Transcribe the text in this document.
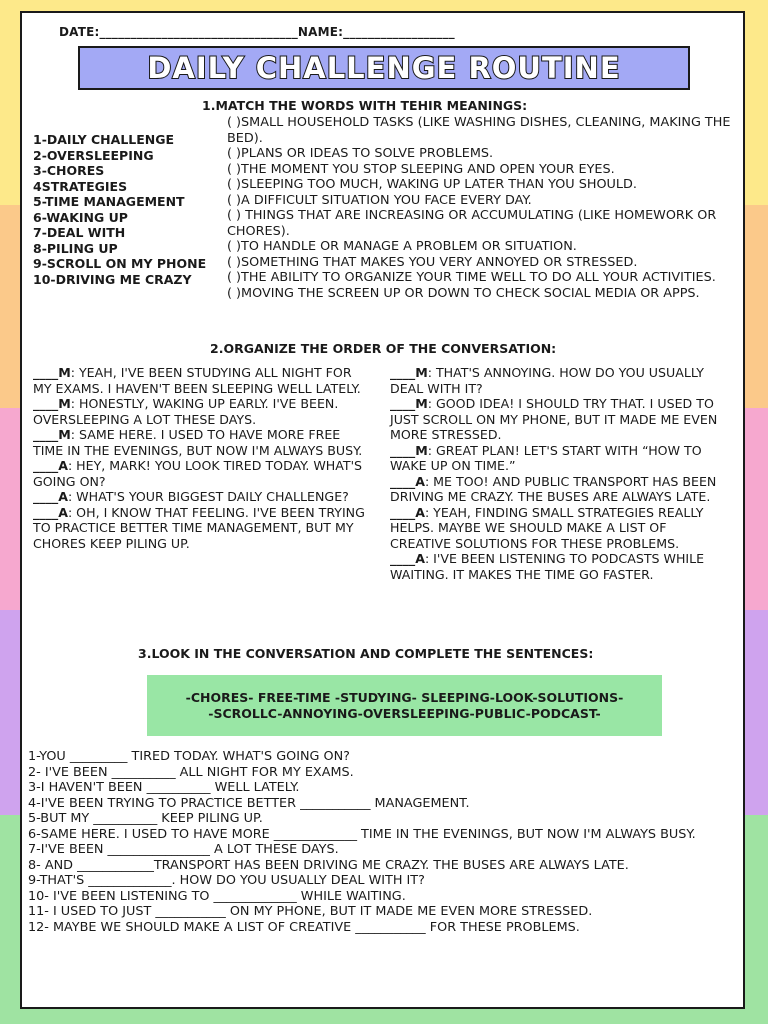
DATE:________________________________NAME:__________________
DAILY CHALLENGE ROUTINE
1.MATCH THE WORDS WITH TEHIR MEANINGS:
1-DAILY CHALLENGE
2-OVERSLEEPING
3-CHORES
4STRATEGIES
5-TIME MANAGEMENT
6-WAKING UP
7-DEAL WITH
8-PILING UP
9-SCROLL ON MY PHONE
10-DRIVING ME CRAZY
( )SMALL HOUSEHOLD TASKS (LIKE WASHING DISHES, CLEANING, MAKING THE BED).
( )PLANS OR IDEAS TO SOLVE PROBLEMS.
( )THE MOMENT YOU STOP SLEEPING AND OPEN YOUR EYES.
( )SLEEPING TOO MUCH, WAKING UP LATER THAN YOU SHOULD.
( )A DIFFICULT SITUATION YOU FACE EVERY DAY.
( ) THINGS THAT ARE INCREASING OR ACCUMULATING (LIKE HOMEWORK OR CHORES).
( )TO HANDLE OR MANAGE A PROBLEM OR SITUATION.
( )SOMETHING THAT MAKES YOU VERY ANNOYED OR STRESSED.
( )THE ABILITY TO ORGANIZE YOUR TIME WELL TO DO ALL YOUR ACTIVITIES.
( )MOVING THE SCREEN UP OR DOWN TO CHECK SOCIAL MEDIA OR APPS.
2.ORGANIZE THE ORDER OF THE CONVERSATION:

____M: YEAH, I'VE BEEN STUDYING ALL NIGHT FOR MY EXAMS. I HAVEN'T BEEN SLEEPING WELL LATELY.

____M: HONESTLY, WAKING UP EARLY. I'VE BEEN.

OVERSLEEPING A LOT THESE DAYS.

____M: SAME HERE. I USED TO HAVE MORE FREE TIME IN THE EVENINGS, BUT NOW I'M ALWAYS BUSY.

____A: HEY, MARK! YOU LOOK TIRED TODAY. WHAT'S GOING ON?

____A: WHAT'S YOUR BIGGEST DAILY CHALLENGE?

____A: OH, I KNOW THAT FEELING. I'VE BEEN TRYING TO PRACTICE BETTER TIME MANAGEMENT, BUT MY CHORES KEEP PILING UP.

____M: THAT'S ANNOYING. HOW DO YOU USUALLY DEAL WITH IT?

____M: GOOD IDEA! I SHOULD TRY THAT. I USED TO JUST SCROLL ON MY PHONE, BUT IT MADE ME EVEN MORE STRESSED.

____M: GREAT PLAN! LET'S START WITH “HOW TO WAKE UP ON TIME.”

____A: ME TOO! AND PUBLIC TRANSPORT HAS BEEN DRIVING ME CRAZY. THE BUSES ARE ALWAYS LATE.

____A: YEAH, FINDING SMALL STRATEGIES REALLY HELPS. MAYBE WE SHOULD MAKE A LIST OF CREATIVE SOLUTIONS FOR THESE PROBLEMS.

____A: I'VE BEEN LISTENING TO PODCASTS WHILE WAITING. IT MAKES THE TIME GO FASTER.

3.LOOK IN THE CONVERSATION AND COMPLETE THE SENTENCES:
-CHORES- FREE-TIME -STUDYING- SLEEPING-LOOK-SOLUTIONS-
-SCROLLC-ANNOYING-OVERSLEEPING-PUBLIC-PODCAST-
1-YOU _________ TIRED TODAY. WHAT'S GOING ON?
2- I'VE BEEN __________ ALL NIGHT FOR MY EXAMS.
3-I HAVEN'T BEEN __________ WELL LATELY.
4-I'VE BEEN TRYING TO PRACTICE BETTER ___________ MANAGEMENT.
5-BUT MY __________ KEEP PILING UP.
6-SAME HERE. I USED TO HAVE MORE _____________ TIME IN THE EVENINGS, BUT NOW I'M ALWAYS BUSY.
7-I'VE BEEN ________________ A LOT THESE DAYS.
8- AND ____________TRANSPORT HAS BEEN DRIVING ME CRAZY. THE BUSES ARE ALWAYS LATE.
9-THAT'S _____________. HOW DO YOU USUALLY DEAL WITH IT?
10- I'VE BEEN LISTENING TO _____________ WHILE WAITING.
11- I USED TO JUST ___________ ON MY PHONE, BUT IT MADE ME EVEN MORE STRESSED.
12- MAYBE WE SHOULD MAKE A LIST OF CREATIVE ___________ FOR THESE PROBLEMS.
